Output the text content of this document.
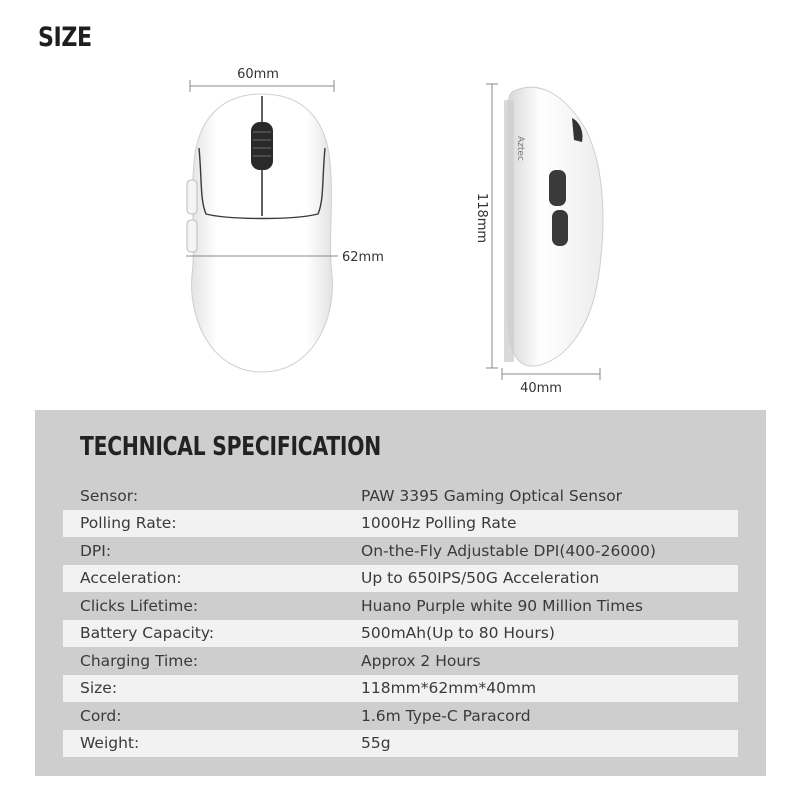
SIZE
60mm
62mm
Aztec
118mm
40mm
TECHNICAL SPECIFICATION
Sensor:	PAW 3395 Gaming Optical Sensor
Polling Rate:	1000Hz Polling Rate
DPI:	On-the-Fly Adjustable DPI(400-26000)
Acceleration:	Up to 650IPS/50G Acceleration
Clicks Lifetime:	Huano Purple white 90 Million Times
Battery Capacity:	500mAh(Up to 80 Hours)
Charging Time:	Approx 2 Hours
Size:	118mm*62mm*40mm
Cord:	1.6m Type-C Paracord
Weight:	55g
